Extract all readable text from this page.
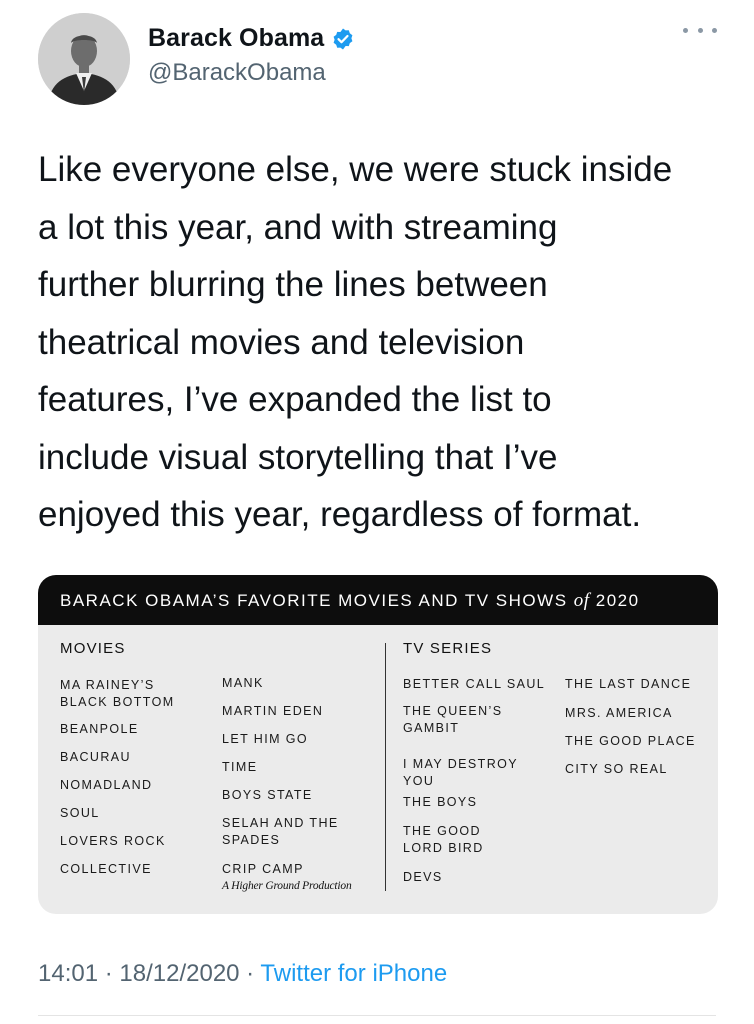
Barack Obama
@BarackObama

Like everyone else, we were stuck inside
a lot this year, and with streaming
further blurring the lines between
theatrical movies and television
features, I’ve expanded the list to
include visual storytelling that I’ve
enjoyed this year, regardless of format.

BARACK OBAMA’S FAVORITE MOVIES AND TV SHOWS of 2020
MOVIES	TV SERIES
MA RAINEY’S
BLACK BOTTOM
BEANPOLE
BACURAU
NOMADLAND
SOUL
LOVERS ROCK
COLLECTIVE
MANK
MARTIN EDEN
LET HIM GO
TIME
BOYS STATE
SELAH AND THE
SPADES
CRIP CAMP
A Higher Ground Production
BETTER CALL SAUL
THE QUEEN’S
GAMBIT
I MAY DESTROY
YOU
THE BOYS
THE GOOD
LORD BIRD
DEVS
THE LAST DANCE
MRS. AMERICA
THE GOOD PLACE
CITY SO REAL
14:01 · 18/12/2020 · Twitter for iPhone
